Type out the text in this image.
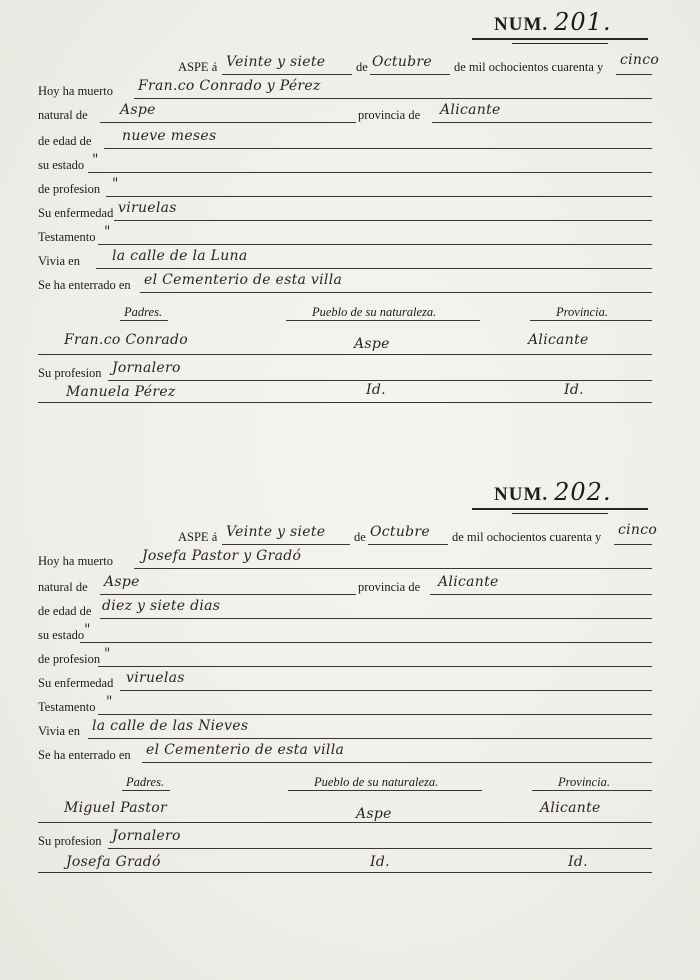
NUM. 201.
ASPE á Veinte y siete de Octubre de mil ochocientos cuarenta y cinco
Hoy ha muerto Fran.co Conrado y Pérez
natural de Aspe	provincia de Alicante
de edad de nueve meses
su estado "
de profesion "
Su enfermedad viruelas
Testamento "
Vivia en la calle de la Luna
Se ha enterrado en el Cementerio de esta villa
Padres.	Pueblo de su naturaleza.	Provincia.
Fran.co Conrado	Aspe	Alicante
Su profesion Jornalero
Manuela Pérez	Id.	Id.
NUM. 202.
ASPE á Veinte y siete de Octubre de mil ochocientos cuarenta y cinco
Hoy ha muerto Josefa Pastor y Gradó
natural de Aspe	provincia de Alicante
de edad de diez y siete dias
su estado "
de profesion "
Su enfermedad viruelas
Testamento "
Vivia en la calle de las Nieves
Se ha enterrado en el Cementerio de esta villa
Padres.	Pueblo de su naturaleza.	Provincia.
Miguel Pastor	Aspe	Alicante
Su profesion Jornalero
Josefa Gradó	Id.	Id.
